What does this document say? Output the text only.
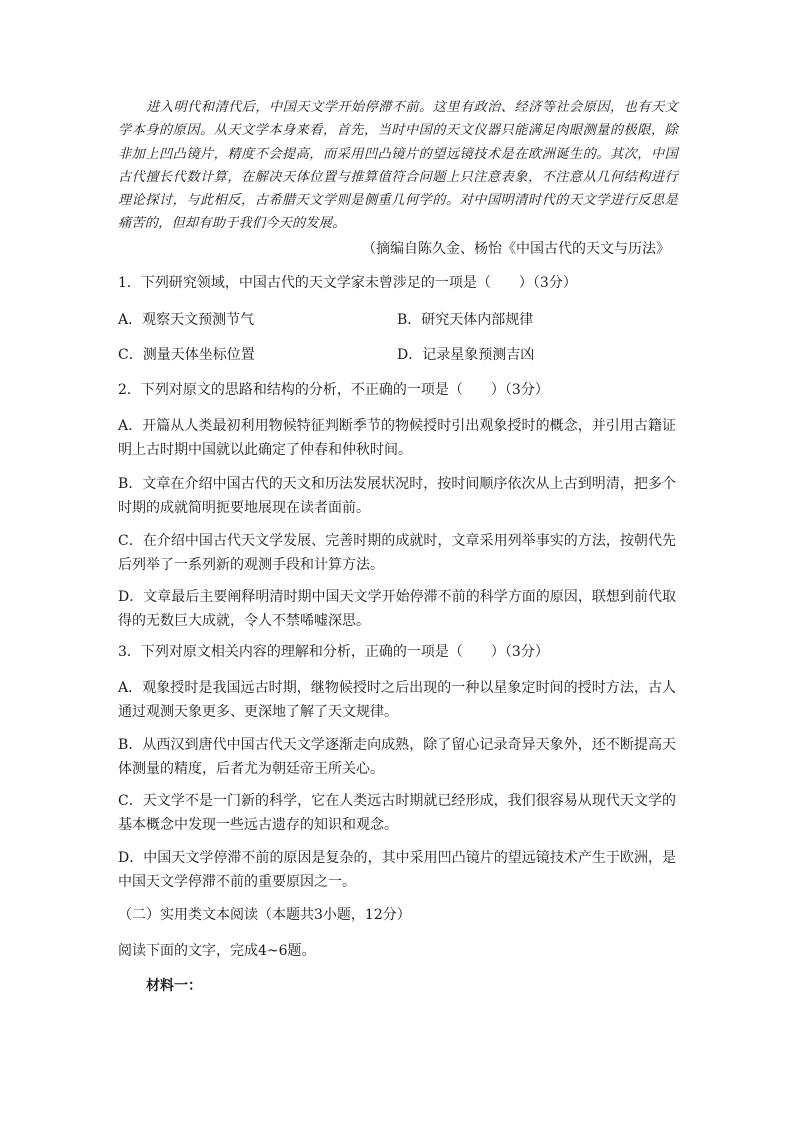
进入明代和清代后，中国天文学开始停滞不前。这里有政治、经济等社会原因，也有天文学本身的原因。从天文学本身来看，首先，当时中国的天文仪器只能满足肉眼测量的极限，除非加上凹凸镜片，精度不会提高，而采用凹凸镜片的望远镜技术是在欧洲诞生的。其次，中国古代擅长代数计算，在解决天体位置与推算值符合问题上只注意表象，不注意从几何结构进行理论探讨，与此相反，古希腊天文学则是侧重几何学的。对中国明清时代的天文学进行反思是痛苦的，但却有助于我们今天的发展。
（摘编自陈久金、杨怡《中国古代的天文与历法》
1．下列研究领域，中国古代的天文学家未曾涉足的一项是（　　）（3分）
A．观察天文预测节气	B．研究天体内部规律
C．测量天体坐标位置	D．记录星象预测吉凶
2．下列对原文的思路和结构的分析，不正确的一项是（　　）（3分）
A．开篇从人类最初利用物候特征判断季节的物候授时引出观象授时的概念，并引用古籍证明上古时期中国就以此确定了仲春和仲秋时间。
B．文章在介绍中国古代的天文和历法发展状况时，按时间顺序依次从上古到明清，把多个时期的成就简明扼要地展现在读者面前。
C．在介绍中国古代天文学发展、完善时期的成就时，文章采用列举事实的方法，按朝代先后列举了一系列新的观测手段和计算方法。
D．文章最后主要阐释明清时期中国天文学开始停滞不前的科学方面的原因，联想到前代取得的无数巨大成就，令人不禁唏嘘深思。
3．下列对原文相关内容的理解和分析，正确的一项是（　　）（3分）
A．观象授时是我国远古时期，继物候授时之后出现的一种以星象定时间的授时方法，古人通过观测天象更多、更深地了解了天文规律。
B．从西汉到唐代中国古代天文学逐渐走向成熟，除了留心记录奇异天象外，还不断提高天体测量的精度，后者尤为朝廷帝王所关心。
C．天文学不是一门新的科学，它在人类远古时期就已经形成，我们很容易从现代天文学的基本概念中发现一些远古遗存的知识和观念。
D．中国天文学停滞不前的原因是复杂的，其中采用凹凸镜片的望远镜技术产生于欧洲，是中国天文学停滞不前的重要原因之一。
（二）实用类文本阅读（本题共3小题，12分）
阅读下面的文字，完成4~6题。
材料一：
